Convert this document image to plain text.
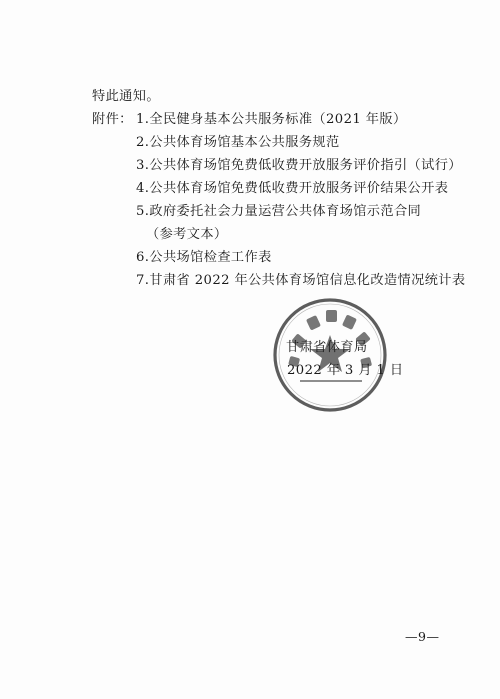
特此通知。
附件： 1.全民健身基本公共服务标准（2021 年版）
2.公共体育场馆基本公共服务规范
3.公共体育场馆免费低收费开放服务评价指引（试行）
4.公共体育场馆免费低收费开放服务评价结果公开表
5.政府委托社会力量运营公共体育场馆示范合同
（参考文本）
6.公共场馆检查工作表
7.甘肃省 2022 年公共体育场馆信息化改造情况统计表
甘肃省体育局
2022 年 3 月 1 日
—9—
